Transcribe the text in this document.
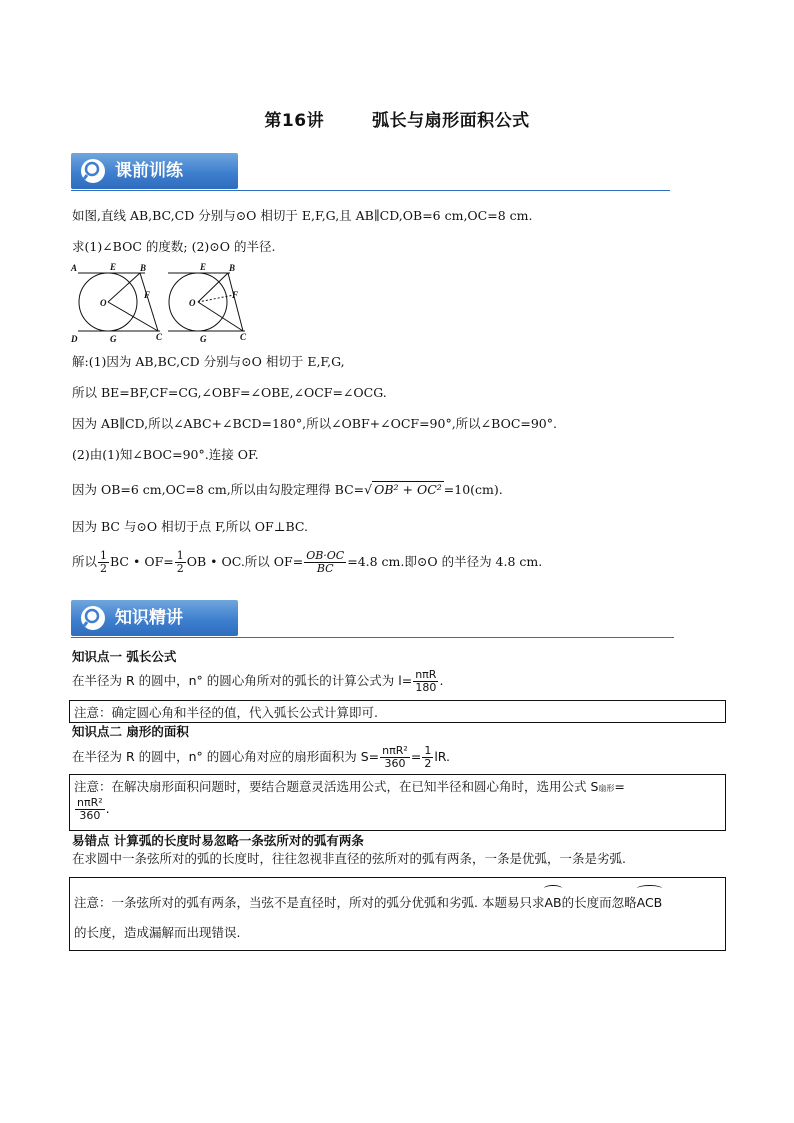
第16讲	弧长与扇形面积公式
课前训练
如图,直线 AB,BC,CD 分别与⊙O 相切于 E,F,G,且 AB∥CD,OB=6 cm,OC=8 cm.
求(1)∠BOC 的度数; (2)⊙O 的半径.
A	E	B
F
O
D	G	C
E	B
F
O
G	C
解:(1)因为 AB,BC,CD 分别与⊙O 相切于 E,F,G,
所以 BE=BF,CF=CG,∠OBF=∠OBE,∠OCF=∠OCG.
因为 AB∥CD,所以∠ABC+∠BCD=180°,所以∠OBF+∠OCF=90°,所以∠BOC=90°.
(2)由(1)知∠BOC=90°.连接 OF.
因为 OB=6 cm,OC=8 cm,所以由勾股定理得 BC=√ OB² + OC² =10(cm).
因为 BC 与⊙O 相切于点 F,所以 OF⊥BC.
所以 $\frac{1}{2}$ BC • $OF= \frac{1}{2}$ OB • OC.所以 $OF= \frac{OB\cdot OC}{BC} =4.8$ cm.即⊙O 的半径为 4.8 cm.
知识精讲
知识点一 弧长公式
在半径为 R 的圆中，n° 的圆心角所对的弧长的计算公式为 $l= \frac{\text{nπR}}{180}$ .
注意：确定圆心角和半径的值，代入弧长公式计算即可.
知识点二 扇形的面积
在半径为 R 的圆中，n° 的圆心角对应的扇形面积为 $S= \frac{\text{nπR²}}{360} = \frac{1}{2}$ lR.
注意：在解决扇形面积问题时，要结合题意灵活选用公式，在已知半径和圆心角时，选用公式 S扇形=
$\frac{\text{nπR²}}{360}$ .
易错点 计算弧的长度时易忽略一条弦所对的弧有两条
在求圆中一条弦所对的弧的长度时，往往忽视非直径的弦所对的弧有两条，一条是优弧，一条是劣弧.
注意：一条弦所对的弧有两条，当弦不是直径时，所对的弧分优弧和劣弧. 本题易只求AB的长度而忽略ACB
的长度，造成漏解而出现错误.
